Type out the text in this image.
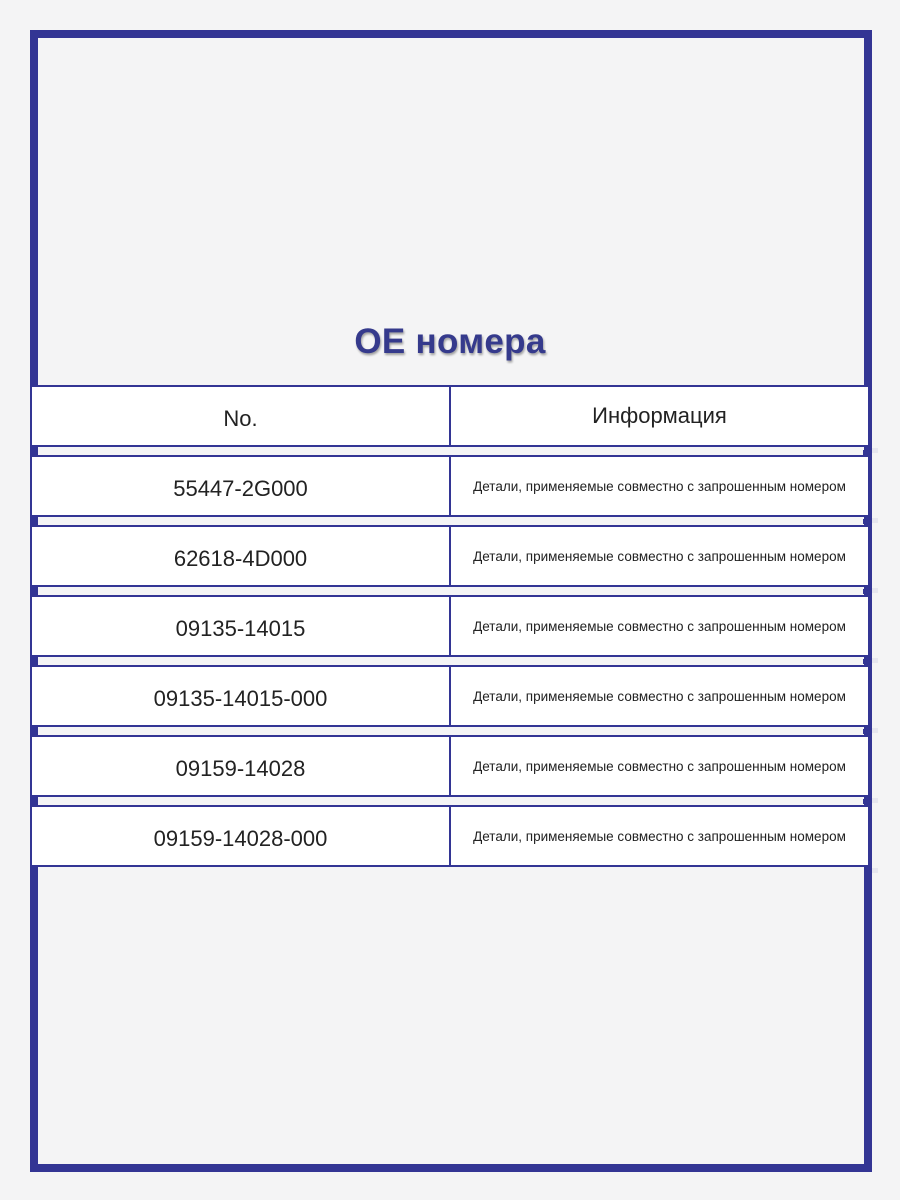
OE номера
No.	Информация
55447-2G000	Детали, применяемые совместно с запрошенным номером
62618-4D000	Детали, применяемые совместно с запрошенным номером
09135-14015	Детали, применяемые совместно с запрошенным номером
09135-14015-000	Детали, применяемые совместно с запрошенным номером
09159-14028	Детали, применяемые совместно с запрошенным номером
09159-14028-000	Детали, применяемые совместно с запрошенным номером
